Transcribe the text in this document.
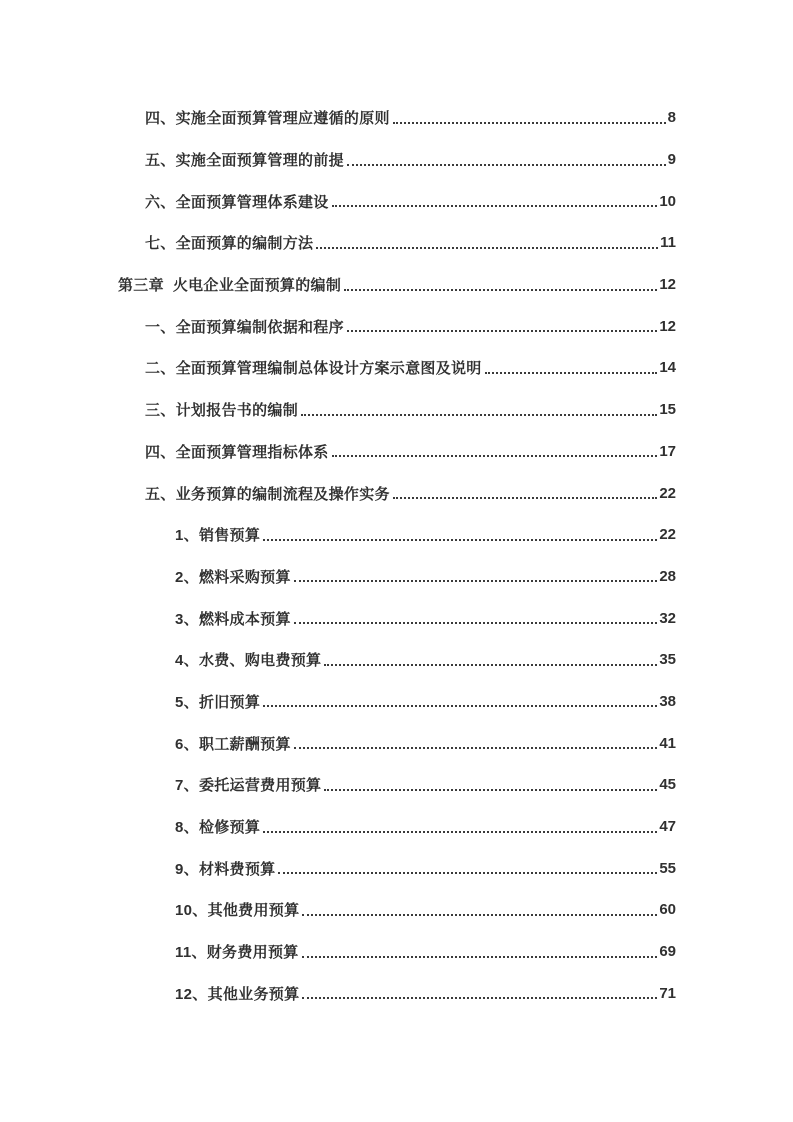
四、实施全面预算管理应遵循的原则	8
五、实施全面预算管理的前提	9
六、全面预算管理体系建设	10
七、全面预算的编制方法	11
第三章  火电企业全面预算的编制	12
一、全面预算编制依据和程序	12
二、全面预算管理编制总体设计方案示意图及说明	14
三、计划报告书的编制	15
四、全面预算管理指标体系	17
五、业务预算的编制流程及操作实务	22
1、销售预算	22
2、燃料采购预算	28
3、燃料成本预算	32
4、水费、购电费预算	35
5、折旧预算	38
6、职工薪酬预算	41
7、委托运营费用预算	45
8、检修预算	47
9、材料费预算	55
10、其他费用预算	60
11、财务费用预算	69
12、其他业务预算	71
